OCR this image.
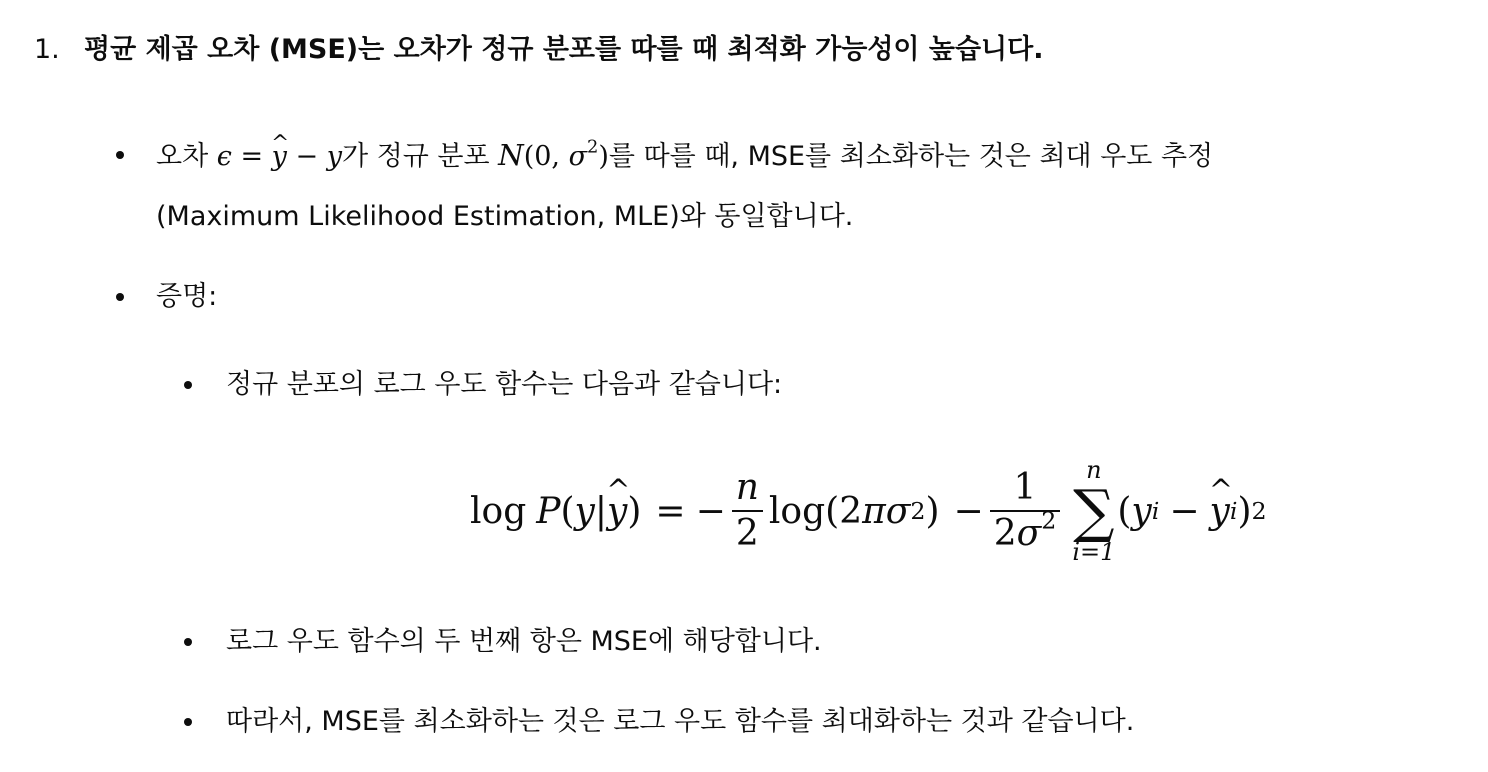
1. 평균 제곱 오차 (MSE)는 오차가 정규 분포를 따를 때 최적화 가능성이 높습니다.
오차 ϵ = ^ y − y가 정규 분포 N(0, $\sigma^2$)를 따를 때, MSE를 최소화하는 것은 최대 우도 추정
(Maximum Likelihood Estimation, MLE)와 동일합니다.
증명:
정규 분포의 로그 우도 함수는 다음과 같습니다:
log P ( y | ^ y ) = − $\frac{n}{2}$ log (2 π σ 2 ) − $\frac{1}{2\sigma^2}$ n
∑
i=1
( y i − ^ y i ) 2
로그 우도 함수의 두 번째 항은 MSE에 해당합니다.
따라서, MSE를 최소화하는 것은 로그 우도 함수를 최대화하는 것과 같습니다.
